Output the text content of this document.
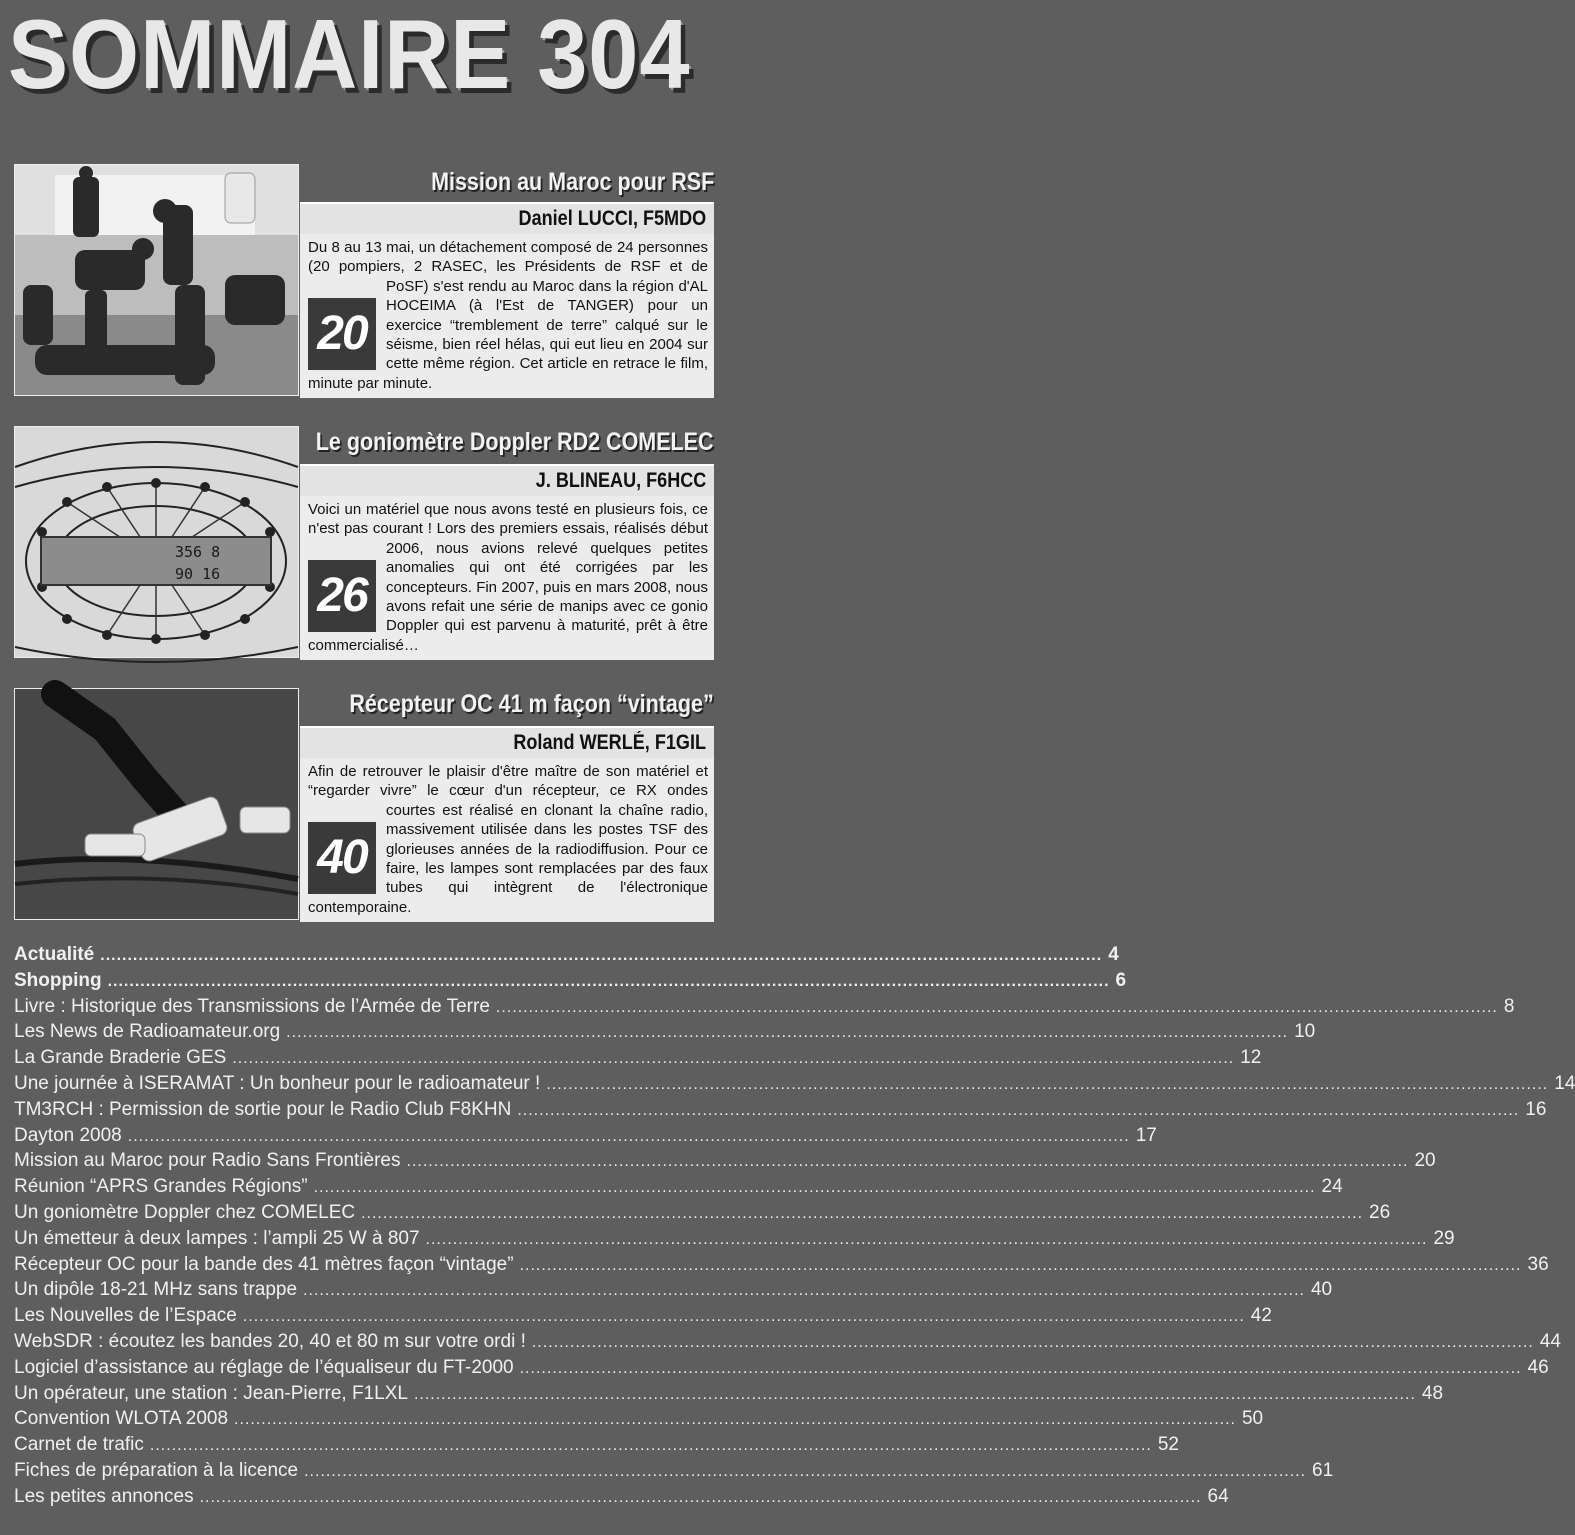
SOMMAIRE 304
Mission au Maroc pour RSF
Daniel LUCCI, F5MDO

20
Du 8 au 13 mai, un détachement composé de 24 personnes (20 pompiers, 2 RASEC, les Présidents de RSF et de PoSF) s'est rendu au Maroc dans la région d'AL HOCEIMA (à l'Est de TANGER) pour un exercice “tremblement de terre” calqué sur le séisme, bien réel hélas, qui eut lieu en 2004 sur cette même région. Cet article en retrace le film, minute par minute.

356 8
90 16
Le goniomètre Doppler RD2 COMELEC
J. BLINEAU, F6HCC

26
Voici un matériel que nous avons testé en plusieurs fois, ce n'est pas courant ! Lors des premiers essais, réalisés début 2006, nous avions relevé quelques petites anomalies qui ont été corrigées par les concepteurs. Fin 2007, puis en mars 2008, nous avons refait une série de manips avec ce gonio Doppler qui est parvenu à maturité, prêt à être commercialisé…

Récepteur OC 41 m façon “vintage”
Roland WERLÉ, F1GIL

40
Afin de retrouver le plaisir d'être maître de son matériel et “regarder vivre” le cœur d'un récepteur, ce RX ondes courtes est réalisé en clonant la chaîne radio, massivement utilisée dans les postes TSF des glorieuses années de la radiodiffusion. Pour ce faire, les lampes sont remplacées par des faux tubes qui intègrent de l'électronique contemporaine.

Actualité ........................................................................................................................................................................................ 4
Shopping ........................................................................................................................................................................................ 6
Livre : Historique des Transmissions de l’Armée de Terre ........................................................................................................................................................................................ 8
Les News de Radioamateur.org ........................................................................................................................................................................................ 10
La Grande Braderie GES ........................................................................................................................................................................................ 12
Une journée à ISERAMAT : Un bonheur pour le radioamateur ! ........................................................................................................................................................................................ 14
TM3RCH : Permission de sortie pour le Radio Club F8KHN ........................................................................................................................................................................................ 16
Dayton 2008 ........................................................................................................................................................................................ 17
Mission au Maroc pour Radio Sans Frontières ........................................................................................................................................................................................ 20
Réunion “APRS Grandes Régions” ........................................................................................................................................................................................ 24
Un goniomètre Doppler chez COMELEC ........................................................................................................................................................................................ 26
Un émetteur à deux lampes : l’ampli 25 W à 807 ........................................................................................................................................................................................ 29
Récepteur OC pour la bande des 41 mètres façon “vintage” ........................................................................................................................................................................................ 36
Un dipôle 18-21 MHz sans trappe ........................................................................................................................................................................................ 40
Les Nouvelles de l’Espace ........................................................................................................................................................................................ 42
WebSDR : écoutez les bandes 20, 40 et 80 m sur votre ordi ! ........................................................................................................................................................................................ 44
Logiciel d’assistance au réglage de l’équaliseur du FT-2000 ........................................................................................................................................................................................ 46
Un opérateur, une station : Jean-Pierre, F1LXL ........................................................................................................................................................................................ 48
Convention WLOTA 2008 ........................................................................................................................................................................................ 50
Carnet de trafic ........................................................................................................................................................................................ 52
Fiches de préparation à la licence ........................................................................................................................................................................................ 61
Les petites annonces ........................................................................................................................................................................................ 64
